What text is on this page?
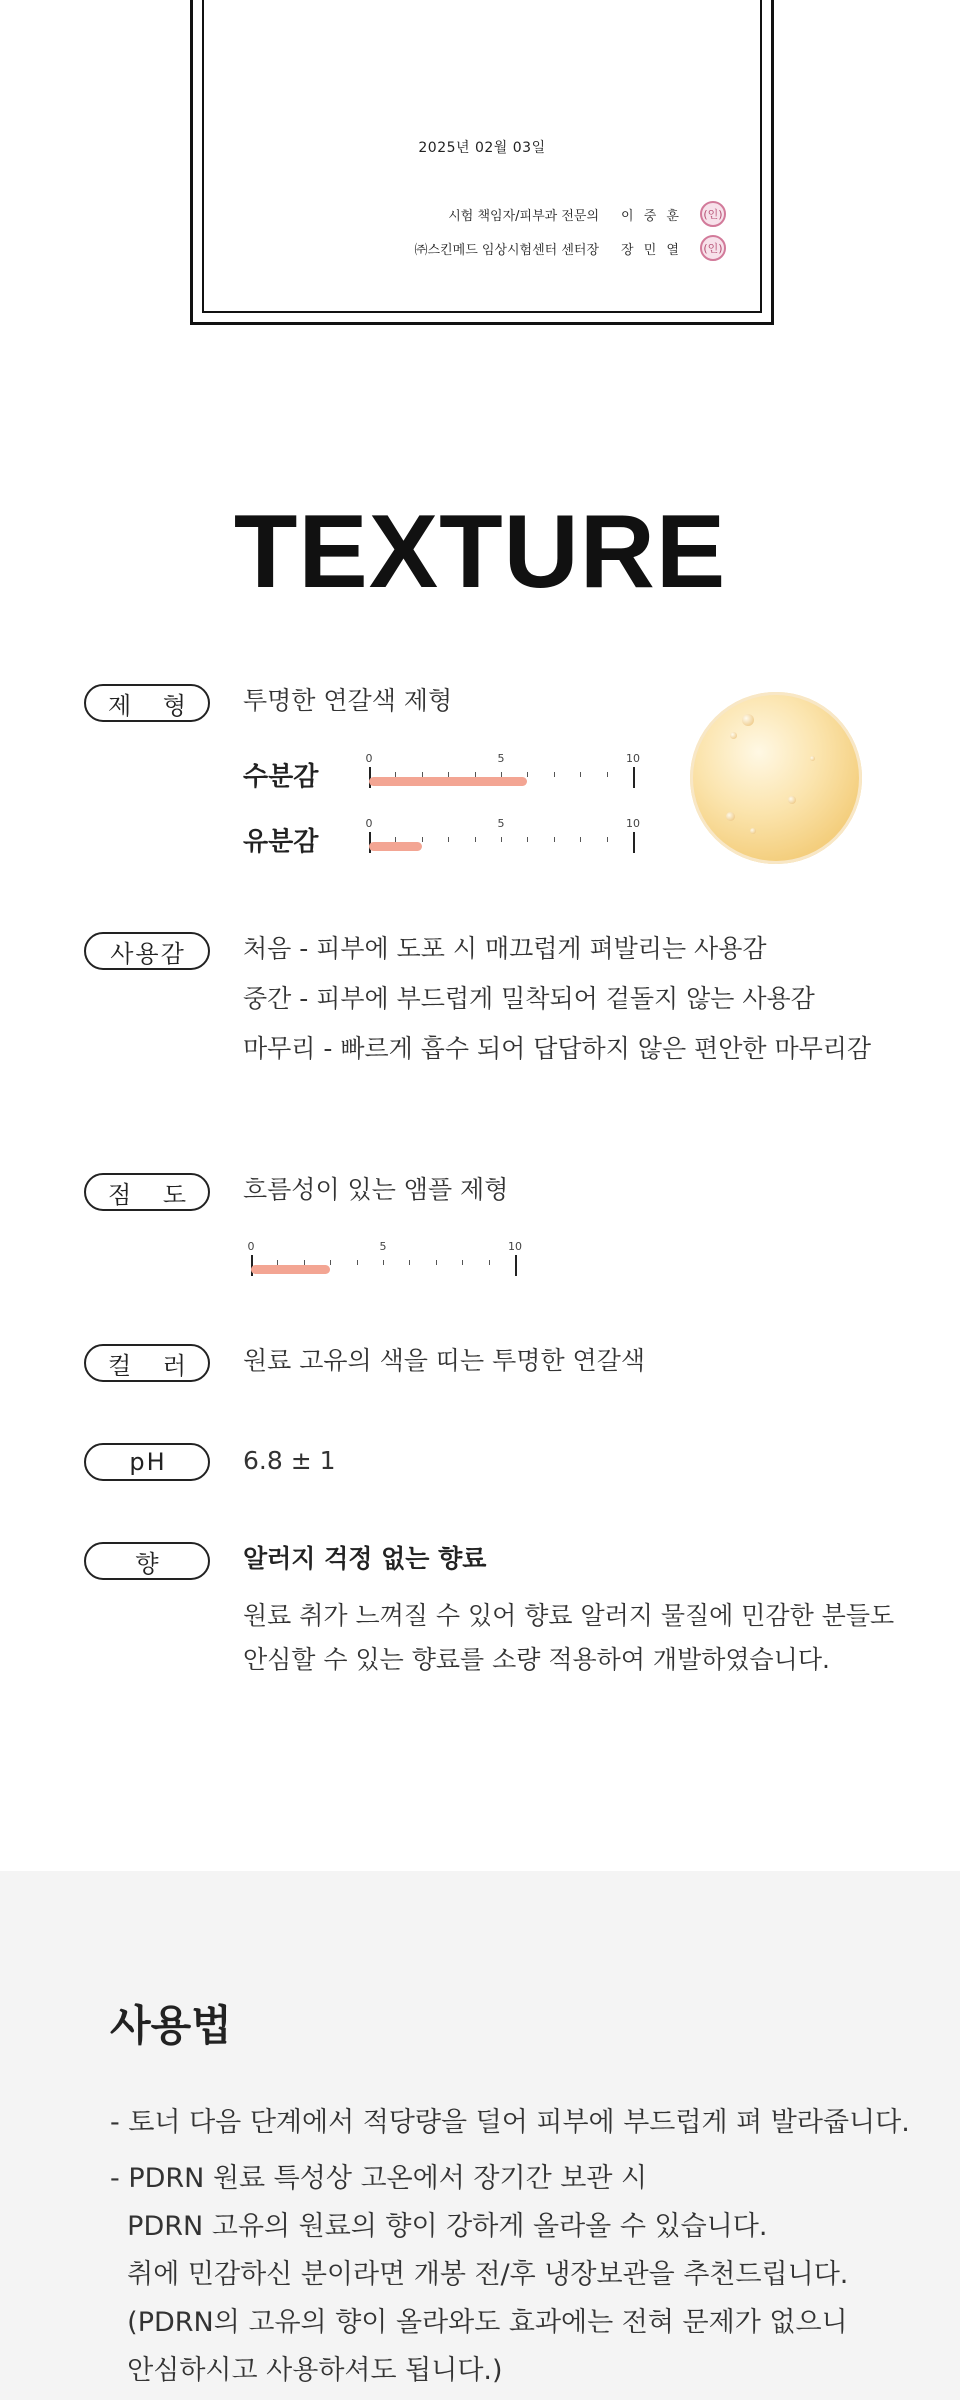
2025년 02월 03일
시험 책임자/피부과 전문의 이 중 훈	(인)
㈜스킨메드 임상시험센터 센터장 장 민 열	(인)
TEXTURE
제 형	투명한 연갈색 제형
수분감
0	5	10
유분감
0	5	10
사용감	처음 - 피부에 도포 시 매끄럽게 펴발리는 사용감
중간 - 피부에 부드럽게 밀착되어 겉돌지 않는 사용감
마무리 - 빠르게 흡수 되어 답답하지 않은 편안한 마무리감
점 도	흐름성이 있는 앰플 제형
0	5	10
컬 러	원료 고유의 색을 띠는 투명한 연갈색
pH	6.8 ± 1
향	알러지 걱정 없는 향료
원료 취가 느껴질 수 있어 향료 알러지 물질에 민감한 분들도
안심할 수 있는 향료를 소량 적용하여 개발하였습니다.
사용법
- 토너 다음 단계에서 적당량을 덜어 피부에 부드럽게 펴 발라줍니다.
- PDRN 원료 특성상 고온에서 장기간 보관 시
PDRN 고유의 원료의 향이 강하게 올라올 수 있습니다.
취에 민감하신 분이라면 개봉 전/후 냉장보관을 추천드립니다.
(PDRN의 고유의 향이 올라와도 효과에는 전혀 문제가 없으니
안심하시고 사용하셔도 됩니다.)
